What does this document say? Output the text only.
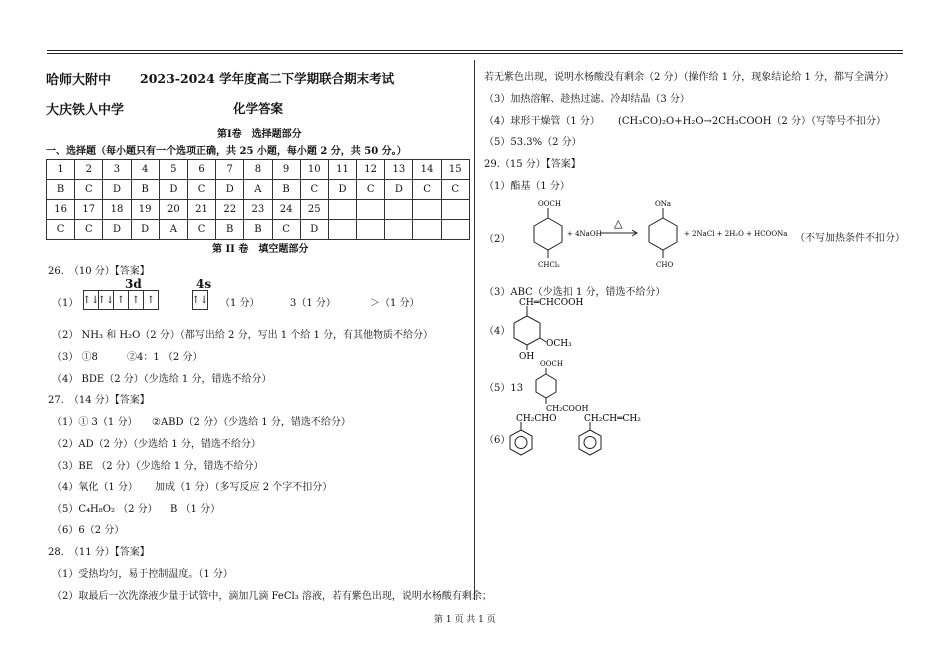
哈师大附中 2023-2024 学年度高二下学期联合期末考试
大庆铁人中学	化学答案
第Ⅰ卷　选择题部分
一、选择题（每小题只有一个选项正确，共 25 小题，每小题 2 分，共 50 分。）
1	2	3	4	5	6	7	8	9	10	11	12	13	14	15
B	C	D	B	D	C	D	A	B	C	D	C	D	C	C
16	17	18	19	20	21	22	23	24	25					
C	C	D	D	A	C	B	B	C	D					
第 II 卷　填空题部分
26.　（10 分）【答案】
（1）
3d	4s
↑↓
↑↓ ↑ ↑ ↑	↑↓ （1 分）	3（1 分）	＞（1 分）
（2） NH₃ 和 H₂O（2 分）（都写出给 2 分，写出 1 个给 1 分，有其他物质不给分）
（3） ①8	②4：1 （2 分）
（4） BDE（2 分）（少选给 1 分，错选不给分）
27.　（14 分）【答案】
（1）① 3（1 分） ②ABD（2 分）（少选给 1 分，错选不给分）
（2）AD（2 分）（少选给 1 分，错选不给分）
（3）BE （2 分）（少选给 1 分，错选不给分）
（4）氧化（1 分） 加成（1 分）（多写反应 2 个字不扣分）
（5）C₄H₈O₂ （2 分） B （1 分）
（6）6（2 分）
28.　（11 分）【答案】
（1）受热均匀，易于控制温度。（1 分）
（2）取最后一次洗涤液少量于试管中，滴加几滴 FeCl₃ 溶液，若有紫色出现，说明水杨酸有剩余；
若无紫色出现，说明水杨酸没有剩余（2 分）（操作给 1 分，现象结论给 1 分，都写全满分）
（3）加热溶解、趁热过滤、冷却结晶（3 分）
（4）球形干燥管（1 分） (CH₃CO)₂O+H₂O→2CH₃COOH（2 分）（写等号不扣分）
（5）53.3%（2 分）
29.（15 分）【答案】
（1）酯基（1 分）
（2）
OOCH
CHCl₂
+ 4NaOH
△
ONa
CHO
+ 2NaCl + 2H₂O + HCOONa
CH═CHCOOH
OCH₃
OH
OOCH
CH₂COOH
CH₂CHO	CH₂CH═CH₂
（不写加热条件不扣分）
（3）ABC（少选扣 1 分，错选不给分）
（4）
（5）13
（6）
第 1 页 共 1 页
